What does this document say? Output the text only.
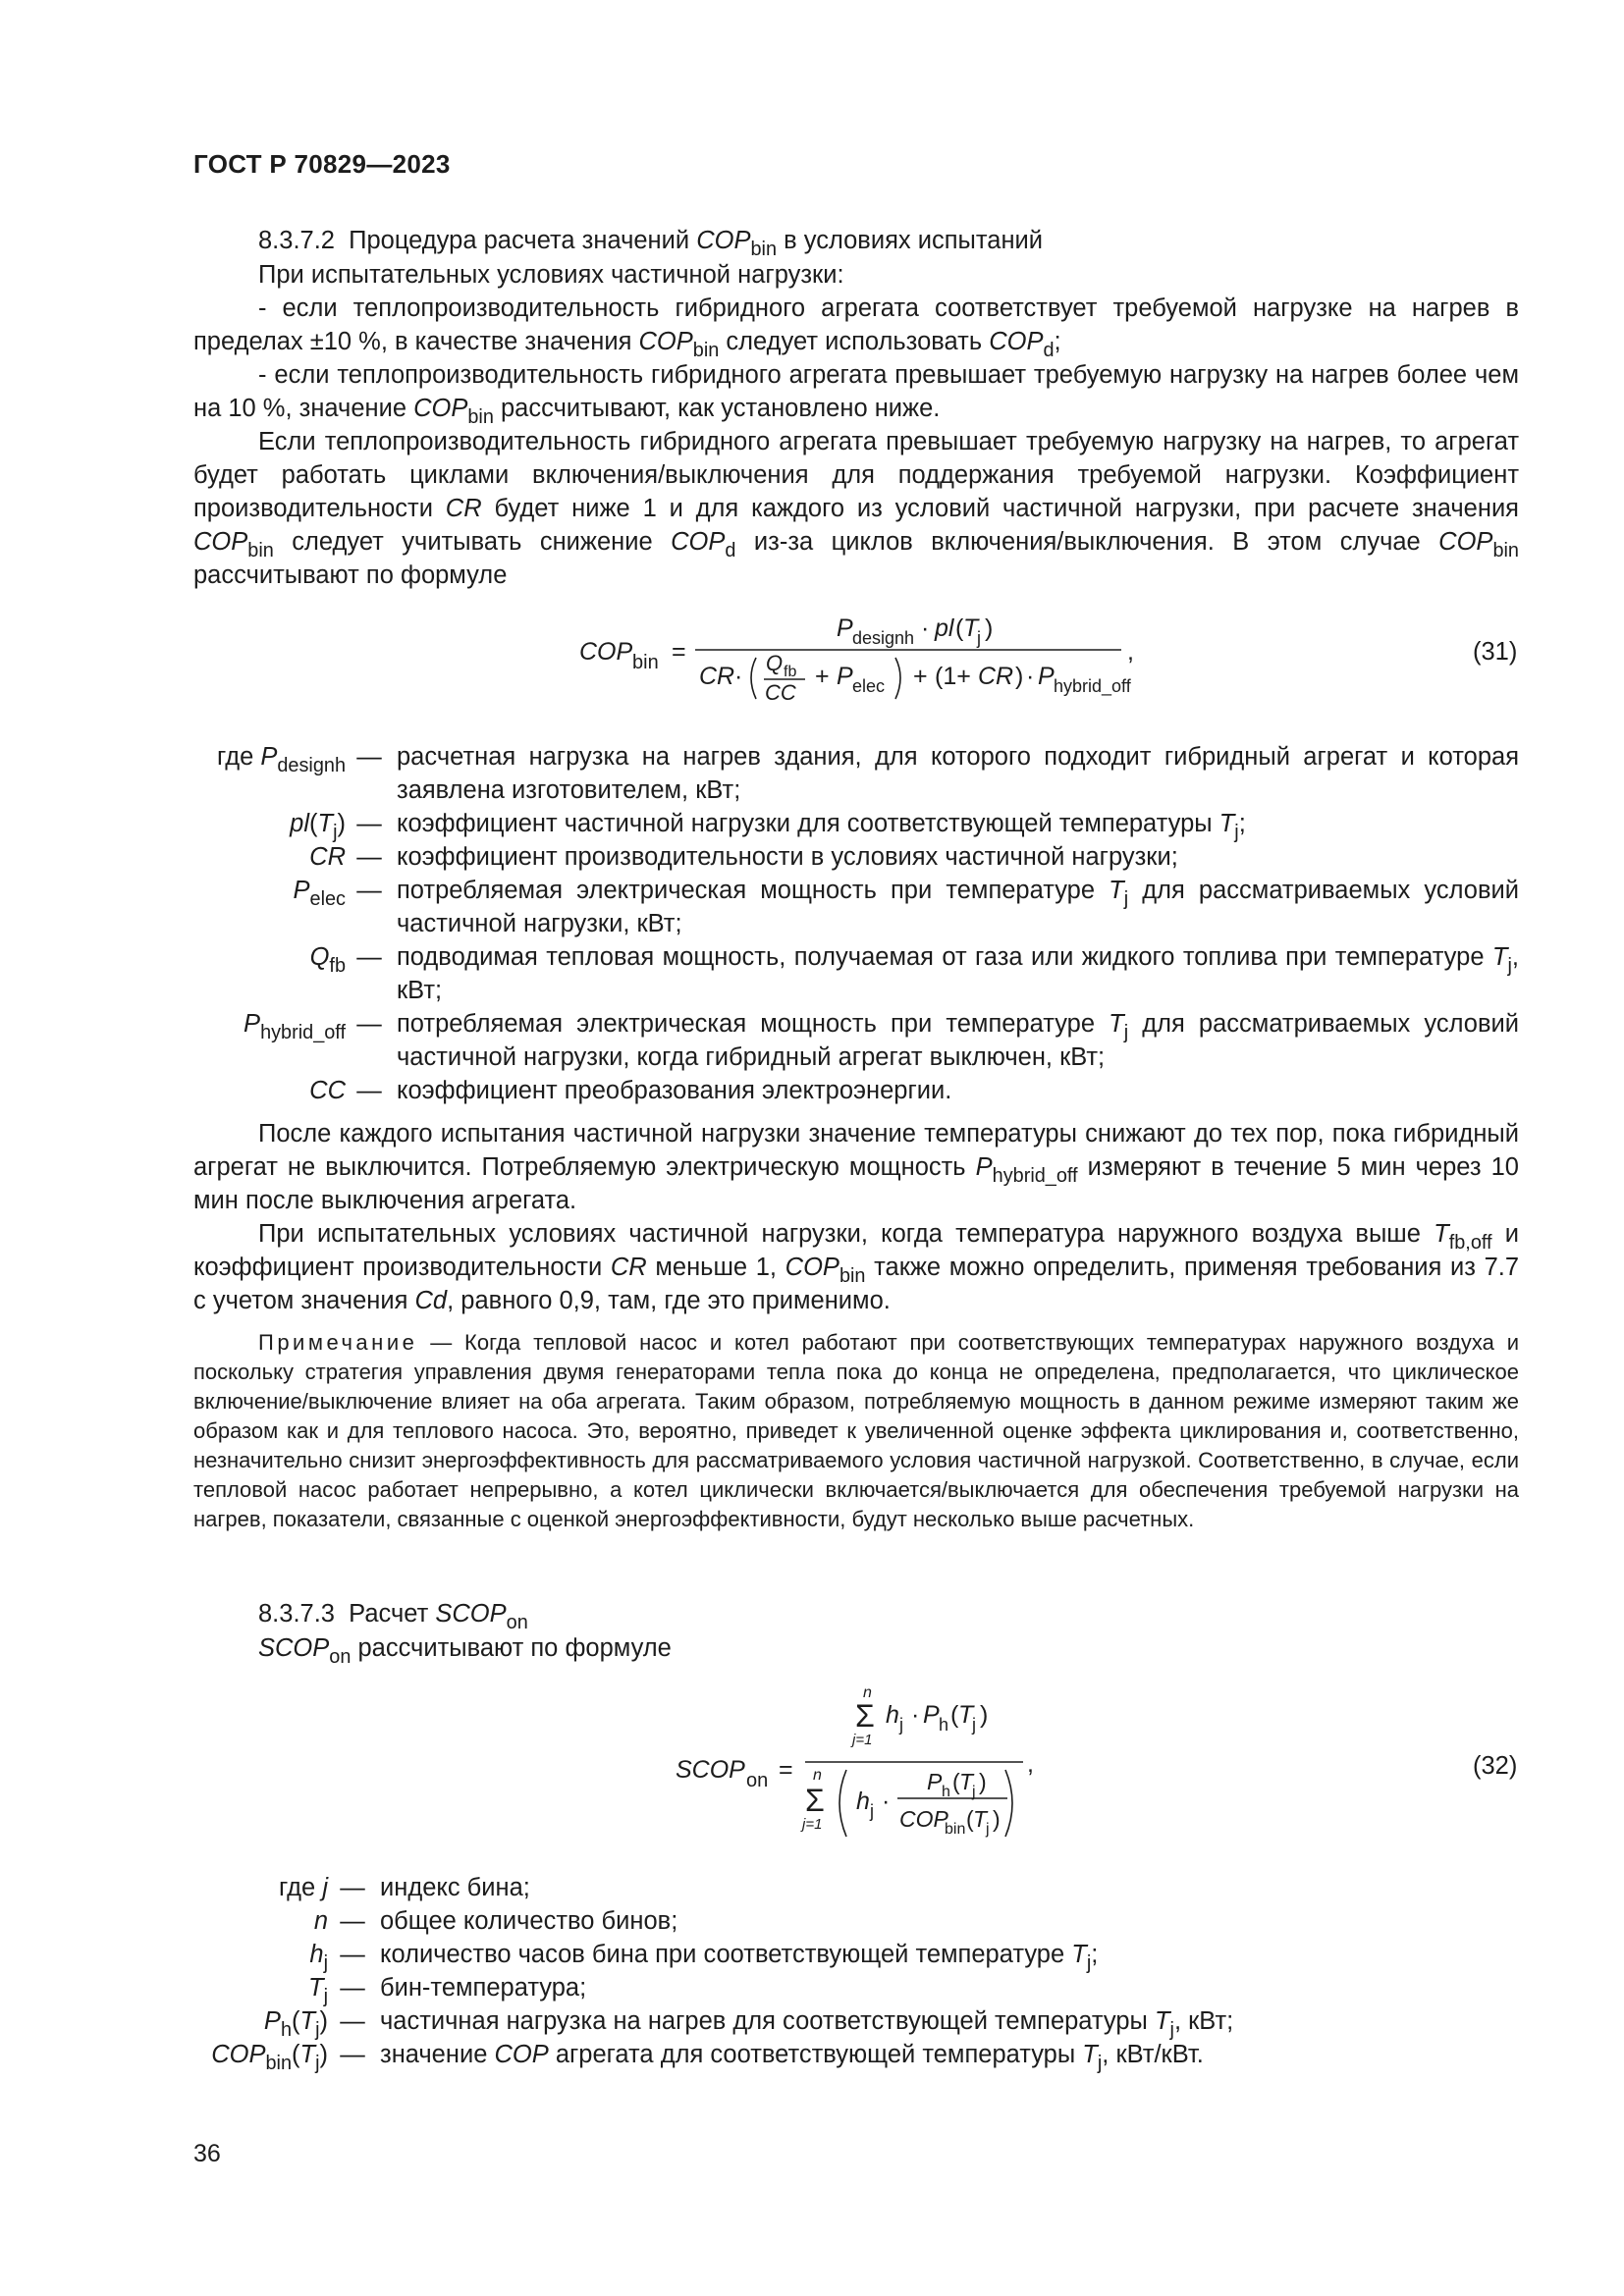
ГОСТ Р 70829—2023
8.3.7.2 Процедура расчета значений $COP_{bin}$ в условиях испытаний
При испытательных условиях частичной нагрузки:
- если теплопроизводительность гибридного агрегата соответствует требуемой нагрузке на нагрев в пределах ±10 %, в качестве значения $COP_{bin}$ следует использовать $COP_d$;
- если теплопроизводительность гибридного агрегата превышает требуемую нагрузку на нагрев более чем на 10 %, значение $COP_{bin}$ рассчитывают, как установлено ниже.
Если теплопроизводительность гибридного агрегата превышает требуемую нагрузку на нагрев, то агрегат будет работать циклами включения/выключения для поддержания требуемой нагрузки. Коэффициент производительности CR будет ниже 1 и для каждого из условий частичной нагрузки, при расчете значения $COP_{bin}$ следует учитывать снижение $COP_d$ из-за циклов включения/выключения. В этом случае $COP_{bin}$ рассчитывают по формуле
COP bin =
P designh · pl ( T
j )
,
CR · Q fb
CC
+ P elec + (1+ CR ) · P hybrid_off
(31)
где $P_{designh}$ — расчетная нагрузка на нагрев здания, для которого подходит гибридный агрегат и которая заявлена изготовителем, кВт;
$pl(T_j)$ — коэффициент частичной нагрузки для соответствующей температуры $T_j$;
CR — коэффициент производительности в условиях частичной нагрузки;
$P_{elec}$ — потребляемая электрическая мощность при температуре $T_j$ для рассматриваемых условий частичной нагрузки, кВт;
$Q_{fb}$ — подводимая тепловая мощность, получаемая от газа или жидкого топлива при температуре $T_j$, кВт;
$P_{hybrid\_off}$ — потребляемая электрическая мощность при температуре $T_j$ для рассматриваемых условий частичной нагрузки, когда гибридный агрегат выключен, кВт;
CC — коэффициент преобразования электроэнергии.
После каждого испытания частичной нагрузки значение температуры снижают до тех пор, пока гибридный агрегат не выключится. Потребляемую электрическую мощность $P_{hybrid\_off}$ измеряют в течение 5 мин через 10 мин после выключения агрегата.
При испытательных условиях частичной нагрузки, когда температура наружного воздуха выше $T_{fb,off}$ и коэффициент производительности CR меньше 1, $COP_{bin}$ также можно определить, применяя требования из 7.7 с учетом значения Cd, равного 0,9, там, где это применимо.
Примечание — Когда тепловой насос и котел работают при соответствующих температурах наружного воздуха и поскольку стратегия управления двумя генераторами тепла пока до конца не определена, предполагается, что циклическое включение/выключение влияет на оба агрегата. Таким образом, потребляемую мощность в данном режиме измеряют таким же образом как и для теплового насоса. Это, вероятно, приведет к увеличенной оценке эффекта циклирования и, соответственно, незначительно снизит энергоэффективность для рассматриваемого условия частичной нагрузкой. Соответственно, в случае, если тепловой насос работает непрерывно, а котел циклически включается/выключается для обеспечения требуемой нагрузки на нагрев, показатели, связанные с оценкой энергоэффективности, будут несколько выше расчетных.
8.3.7.3 Расчет $SCOP_{on}$
$SCOP_{on}$ рассчитывают по формуле
SCOP on =
n
Σ
j=1
h j · P h ( T
j )
,
n
Σ
j=1
h j ·
P h ( T
j )
COP
bin ( T
j )
(32)
где j — индекс бина;
n — общее количество бинов;
$h_j$ — количество часов бина при соответствующей температуре $T_j$;
$T_j$ — бин-температура;
$P_h(T_j)$ — частичная нагрузка на нагрев для соответствующей температуры $T_j$, кВт;
$COP_{bin}(T_j)$ — значение COP агрегата для соответствующей температуры $T_j$, кВт/кВт.
36
